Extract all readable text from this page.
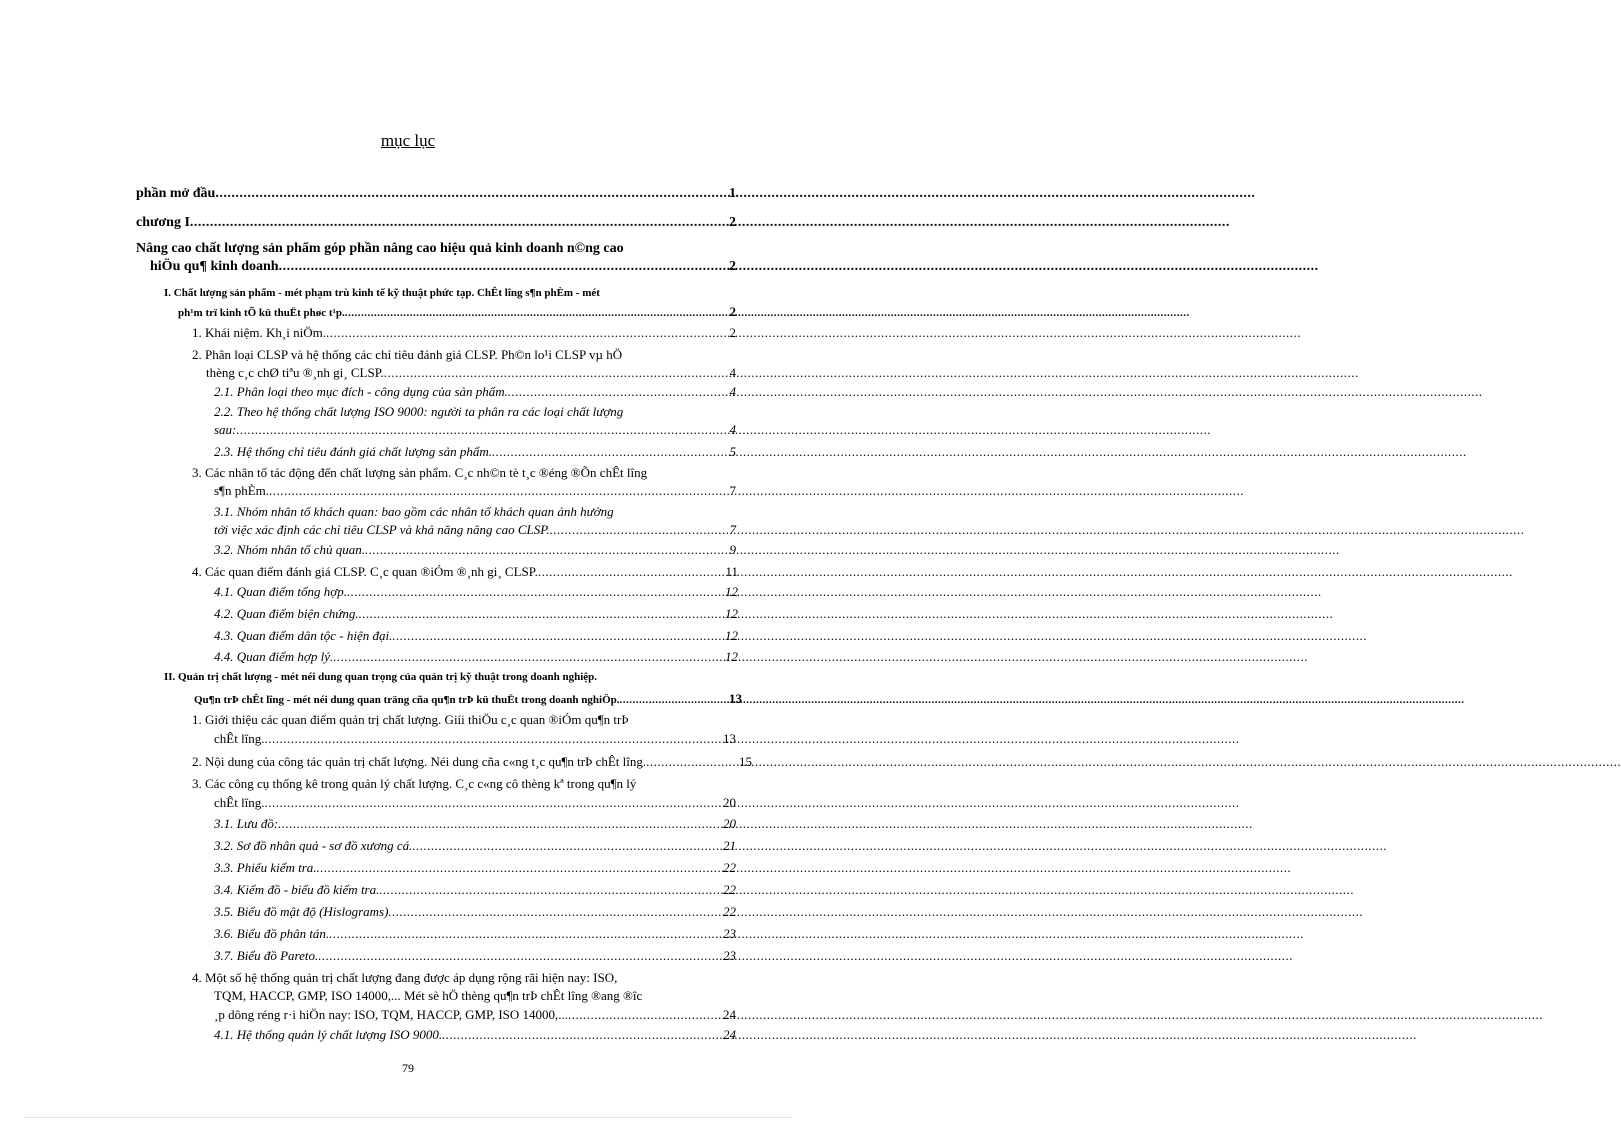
mục lục
phần mở đầu .....	1
chương I .....	2
Nâng cao chất lượng sản phẩm góp phần nâng cao hiệu quả kinh doanh n©ng cao
hiÖu qu¶ kinh doanh .....	2
I. Chất lượng sản phẩm - mét phạm trù kinh tế kỹ thuật phức tạp. ChÊt lîng s¶n phÈm - mét
ph¹m trï kinh tÕ kü thuËt phøc t¹p. .....	2
1. Khái niệm. Kh¸i niÖm. .....	2
2. Phân loại CLSP và hệ thống các chỉ tiêu đánh giá CLSP. Ph©n lo¹i CLSP vµ hÖ
thèng c¸c chØ tiªu ®¸nh gi¸ CLSP. .....	4
2.1. Phân loại theo mục đích - công dụng của sản phẩm. .....	4
2.2. Theo hệ thống chất lượng ISO 9000: người ta phân ra các loại chất lượng
sau: .....	4
2.3. Hệ thống chỉ tiêu đánh giá chất lượng sản phẩm. .....	5
3. Các nhân tố tác động đến chất lượng sản phẩm. C¸c nh©n tè t¸c ®éng ®Õn chÊt lîng
s¶n phÈm. .....	7
3.1. Nhóm nhân tố khách quan: bao gồm các nhân tố khách quan ảnh hưởng
tới việc xác định các chỉ tiêu CLSP và khả năng nâng cao CLSP. .....	7
3.2. Nhóm nhân tố chủ quan. .....	9
4. Các quan điểm đánh giá CLSP. C¸c quan ®iÓm ®¸nh gi¸ CLSP. .....	11
4.1. Quan điểm tổng hợp. .....	12
4.2. Quan điểm biện chứng. .....	12
4.3. Quan điểm dân tộc - hiện đại. .....	12
4.4. Quan điểm hợp lý. .....	12
II. Quản trị chất lượng - mét néi dung quan trọng của quản trị kỹ thuật trong doanh nghiệp.
Qu¶n trÞ chÊt lîng - mét néi dung quan träng cña qu¶n trÞ kü thuËt trong doanh nghiÖp. .....	13
1. Giới thiệu các quan điểm quản trị chất lượng. Giíi thiÖu c¸c quan ®iÓm qu¶n trÞ
chÊt lîng. .....	13
2. Nội dung của công tác quản trị chất lượng. Néi dung cña c«ng t¸c qu¶n trÞ chÊt lîng. .....	15
3. Các công cụ thống kê trong quản lý chất lượng. C¸c c«ng cô thèng kª trong qu¶n lý
chÊt lîng. .....	20
3.1. Lưu đồ: .....	20
3.2. Sơ đồ nhân quả - sơ đồ xương cá. .....	21
3.3. Phiếu kiểm tra. .....	22
3.4. Kiểm đồ - biểu đồ kiểm tra. .....	22
3.5. Biểu đồ mật độ (Hislograms) .....	22
3.6. Biểu đồ phân tán. .....	23
3.7. Biểu đồ Pareto. .....	23
4. Một số hệ thống quản trị chất lượng đang được áp dụng rộng rãi hiện nay: ISO,
TQM, HACCP, GMP, ISO 14000,... Mét sè hÖ thèng qu¶n trÞ chÊt lîng ®ang ®îc
¸p dông réng r·i hiÖn nay: ISO, TQM, HACCP, GMP, ISO 14000,... .....	24
4.1. Hệ thống quản lý chất lượng ISO 9000. .....	24
79
